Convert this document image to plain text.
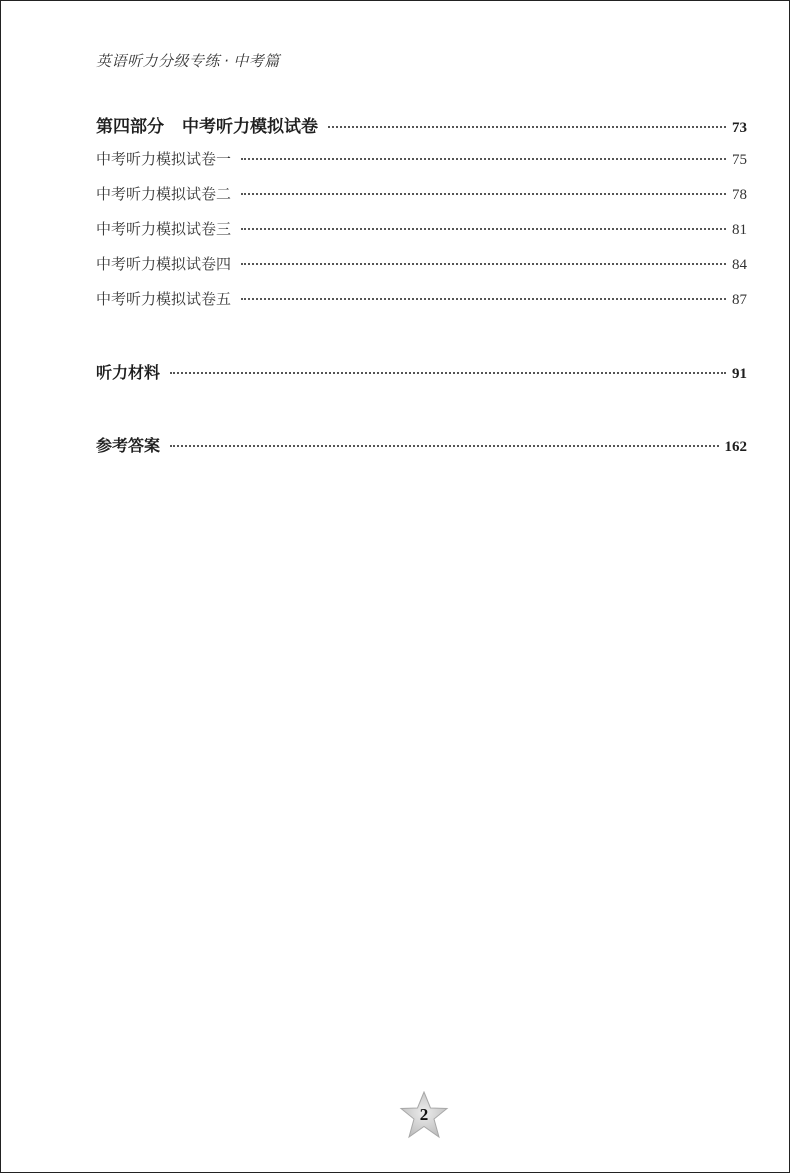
英语听力分级专练 · 中考篇
第四部分 中考听力模拟试卷	73
中考听力模拟试卷一	75
中考听力模拟试卷二	78
中考听力模拟试卷三	81
中考听力模拟试卷四	84
中考听力模拟试卷五	87
听力材料	91
参考答案	162
2
